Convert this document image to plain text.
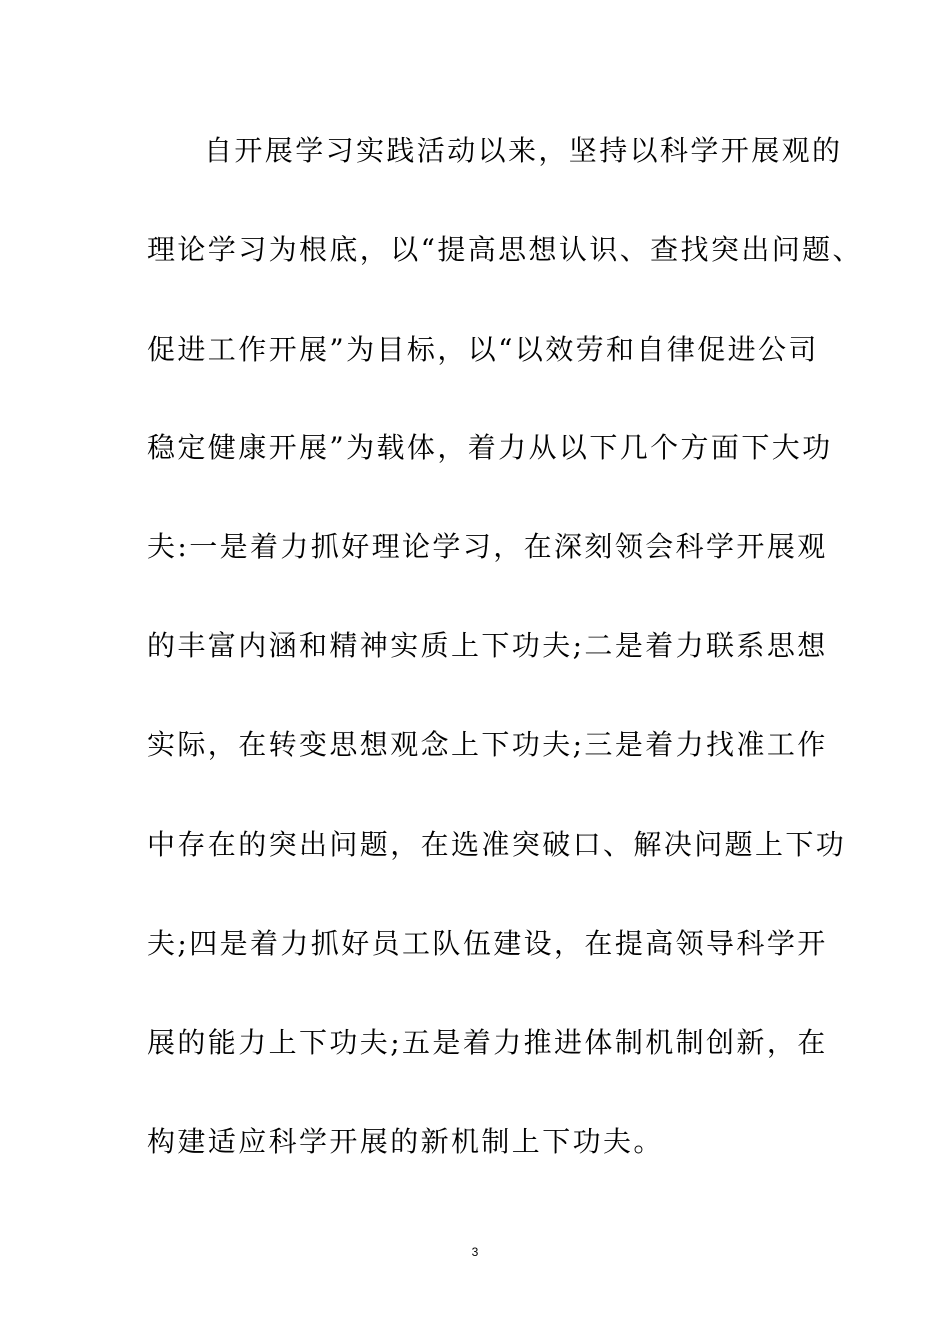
自开展学习实践活动以来，坚持以科学开展观的
理论学习为根底，以“提高思想认识、查找突出问题、
促进工作开展”为目标，以“以效劳和自律促进公司
稳定健康开展”为载体，着力从以下几个方面下大功
夫:一是着力抓好理论学习，在深刻领会科学开展观
的丰富内涵和精神实质上下功夫;二是着力联系思想
实际，在转变思想观念上下功夫;三是着力找准工作
中存在的突出问题，在选准突破口、解决问题上下功
夫;四是着力抓好员工队伍建设，在提高领导科学开
展的能力上下功夫;五是着力推进体制机制创新，在
构建适应科学开展的新机制上下功夫。
3
